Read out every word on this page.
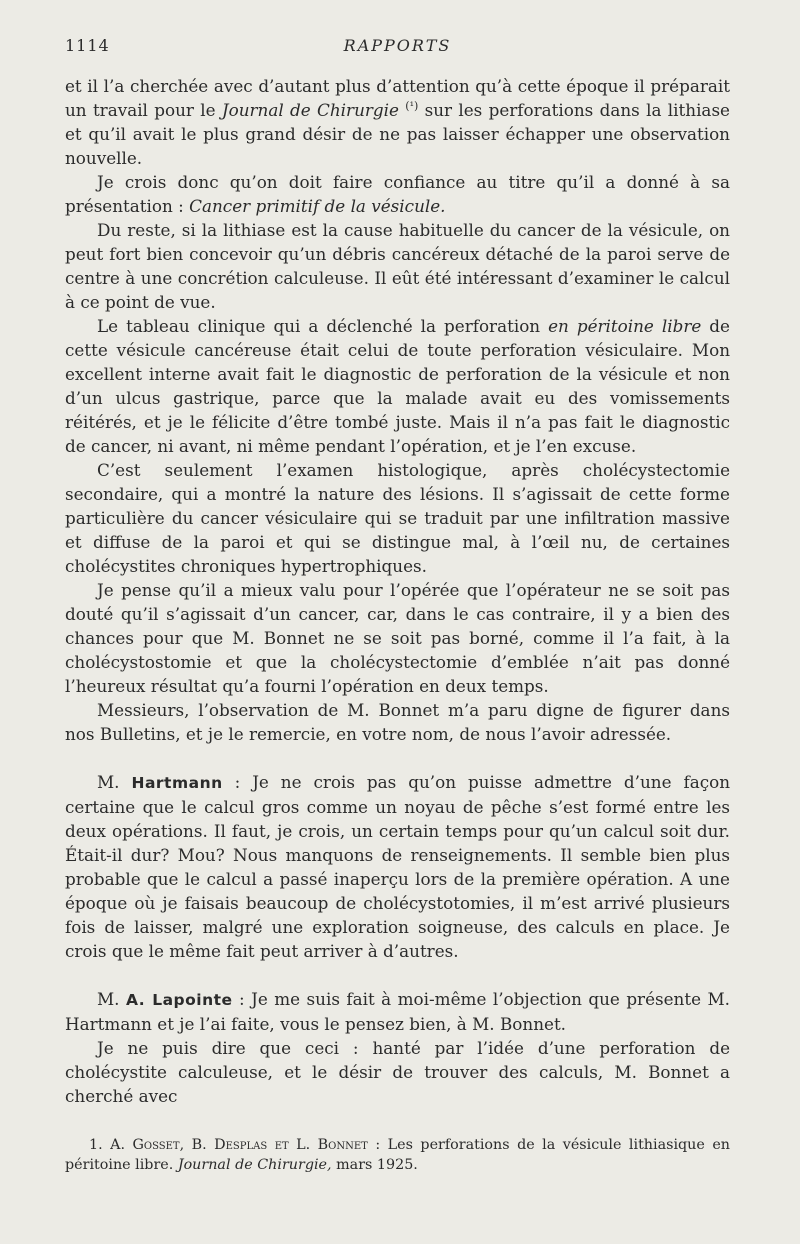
1114	RAPPORTS

et il l’a cherchée avec d’autant plus d’attention qu’à cette époque il préparait un travail pour le Journal de Chirurgie $^{(^1)}$ sur les perforations dans la lithiase et qu’il avait le plus grand désir de ne pas laisser échapper une observation nouvelle.

Je crois donc qu’on doit faire confiance au titre qu’il a donné à sa présentation : Cancer primitif de la vésicule.

Du reste, si la lithiase est la cause habituelle du cancer de la vésicule, on peut fort bien concevoir qu’un débris cancéreux détaché de la paroi serve de centre à une concrétion calculeuse. Il eût été intéressant d’examiner le calcul à ce point de vue.

Le tableau clinique qui a déclenché la perforation en péritoine libre de cette vésicule cancéreuse était celui de toute perforation vésiculaire. Mon excellent interne avait fait le diagnostic de perforation de la vésicule et non d’un ulcus gastrique, parce que la malade avait eu des vomissements réitérés, et je le félicite d’être tombé juste. Mais il n’a pas fait le diagnostic de cancer, ni avant, ni même pendant l’opération, et je l’en excuse.

C’est seulement l’examen histologique, après cholécystectomie secondaire, qui a montré la nature des lésions. Il s’agissait de cette forme particulière du cancer vésiculaire qui se traduit par une infiltration massive et diffuse de la paroi et qui se distingue mal, à l’œil nu, de certaines cholécystites chroniques hypertrophiques.

Je pense qu’il a mieux valu pour l’opérée que l’opérateur ne se soit pas douté qu’il s’agissait d’un cancer, car, dans le cas contraire, il y a bien des chances pour que M. Bonnet ne se soit pas borné, comme il l’a fait, à la cholécystostomie et que la cholécystectomie d’emblée n’ait pas donné l’heureux résultat qu’a fourni l’opération en deux temps.

Messieurs, l’observation de M. Bonnet m’a paru digne de figurer dans nos Bulletins, et je le remercie, en votre nom, de nous l’avoir adressée.

M. Hartmann : Je ne crois pas qu’on puisse admettre d’une façon certaine que le calcul gros comme un noyau de pêche s’est formé entre les deux opérations. Il faut, je crois, un certain temps pour qu’un calcul soit dur. Était-il dur? Mou? Nous manquons de renseignements. Il semble bien plus probable que le calcul a passé inaperçu lors de la première opération. A une époque où je faisais beaucoup de cholécystotomies, il m’est arrivé plusieurs fois de laisser, malgré une exploration soigneuse, des calculs en place. Je crois que le même fait peut arriver à d’autres.

M. A. Lapointe : Je me suis fait à moi-même l’objection que présente M. Hartmann et je l’ai faite, vous le pensez bien, à M. Bonnet.

Je ne puis dire que ceci : hanté par l’idée d’une perforation de cholécystite calculeuse, et le désir de trouver des calculs, M. Bonnet a cherché avec

1. A. Gosset, B. Desplas et L. Bonnet : Les perforations de la vésicule lithiasique en péritoine libre. Journal de Chirurgie, mars 1925.
